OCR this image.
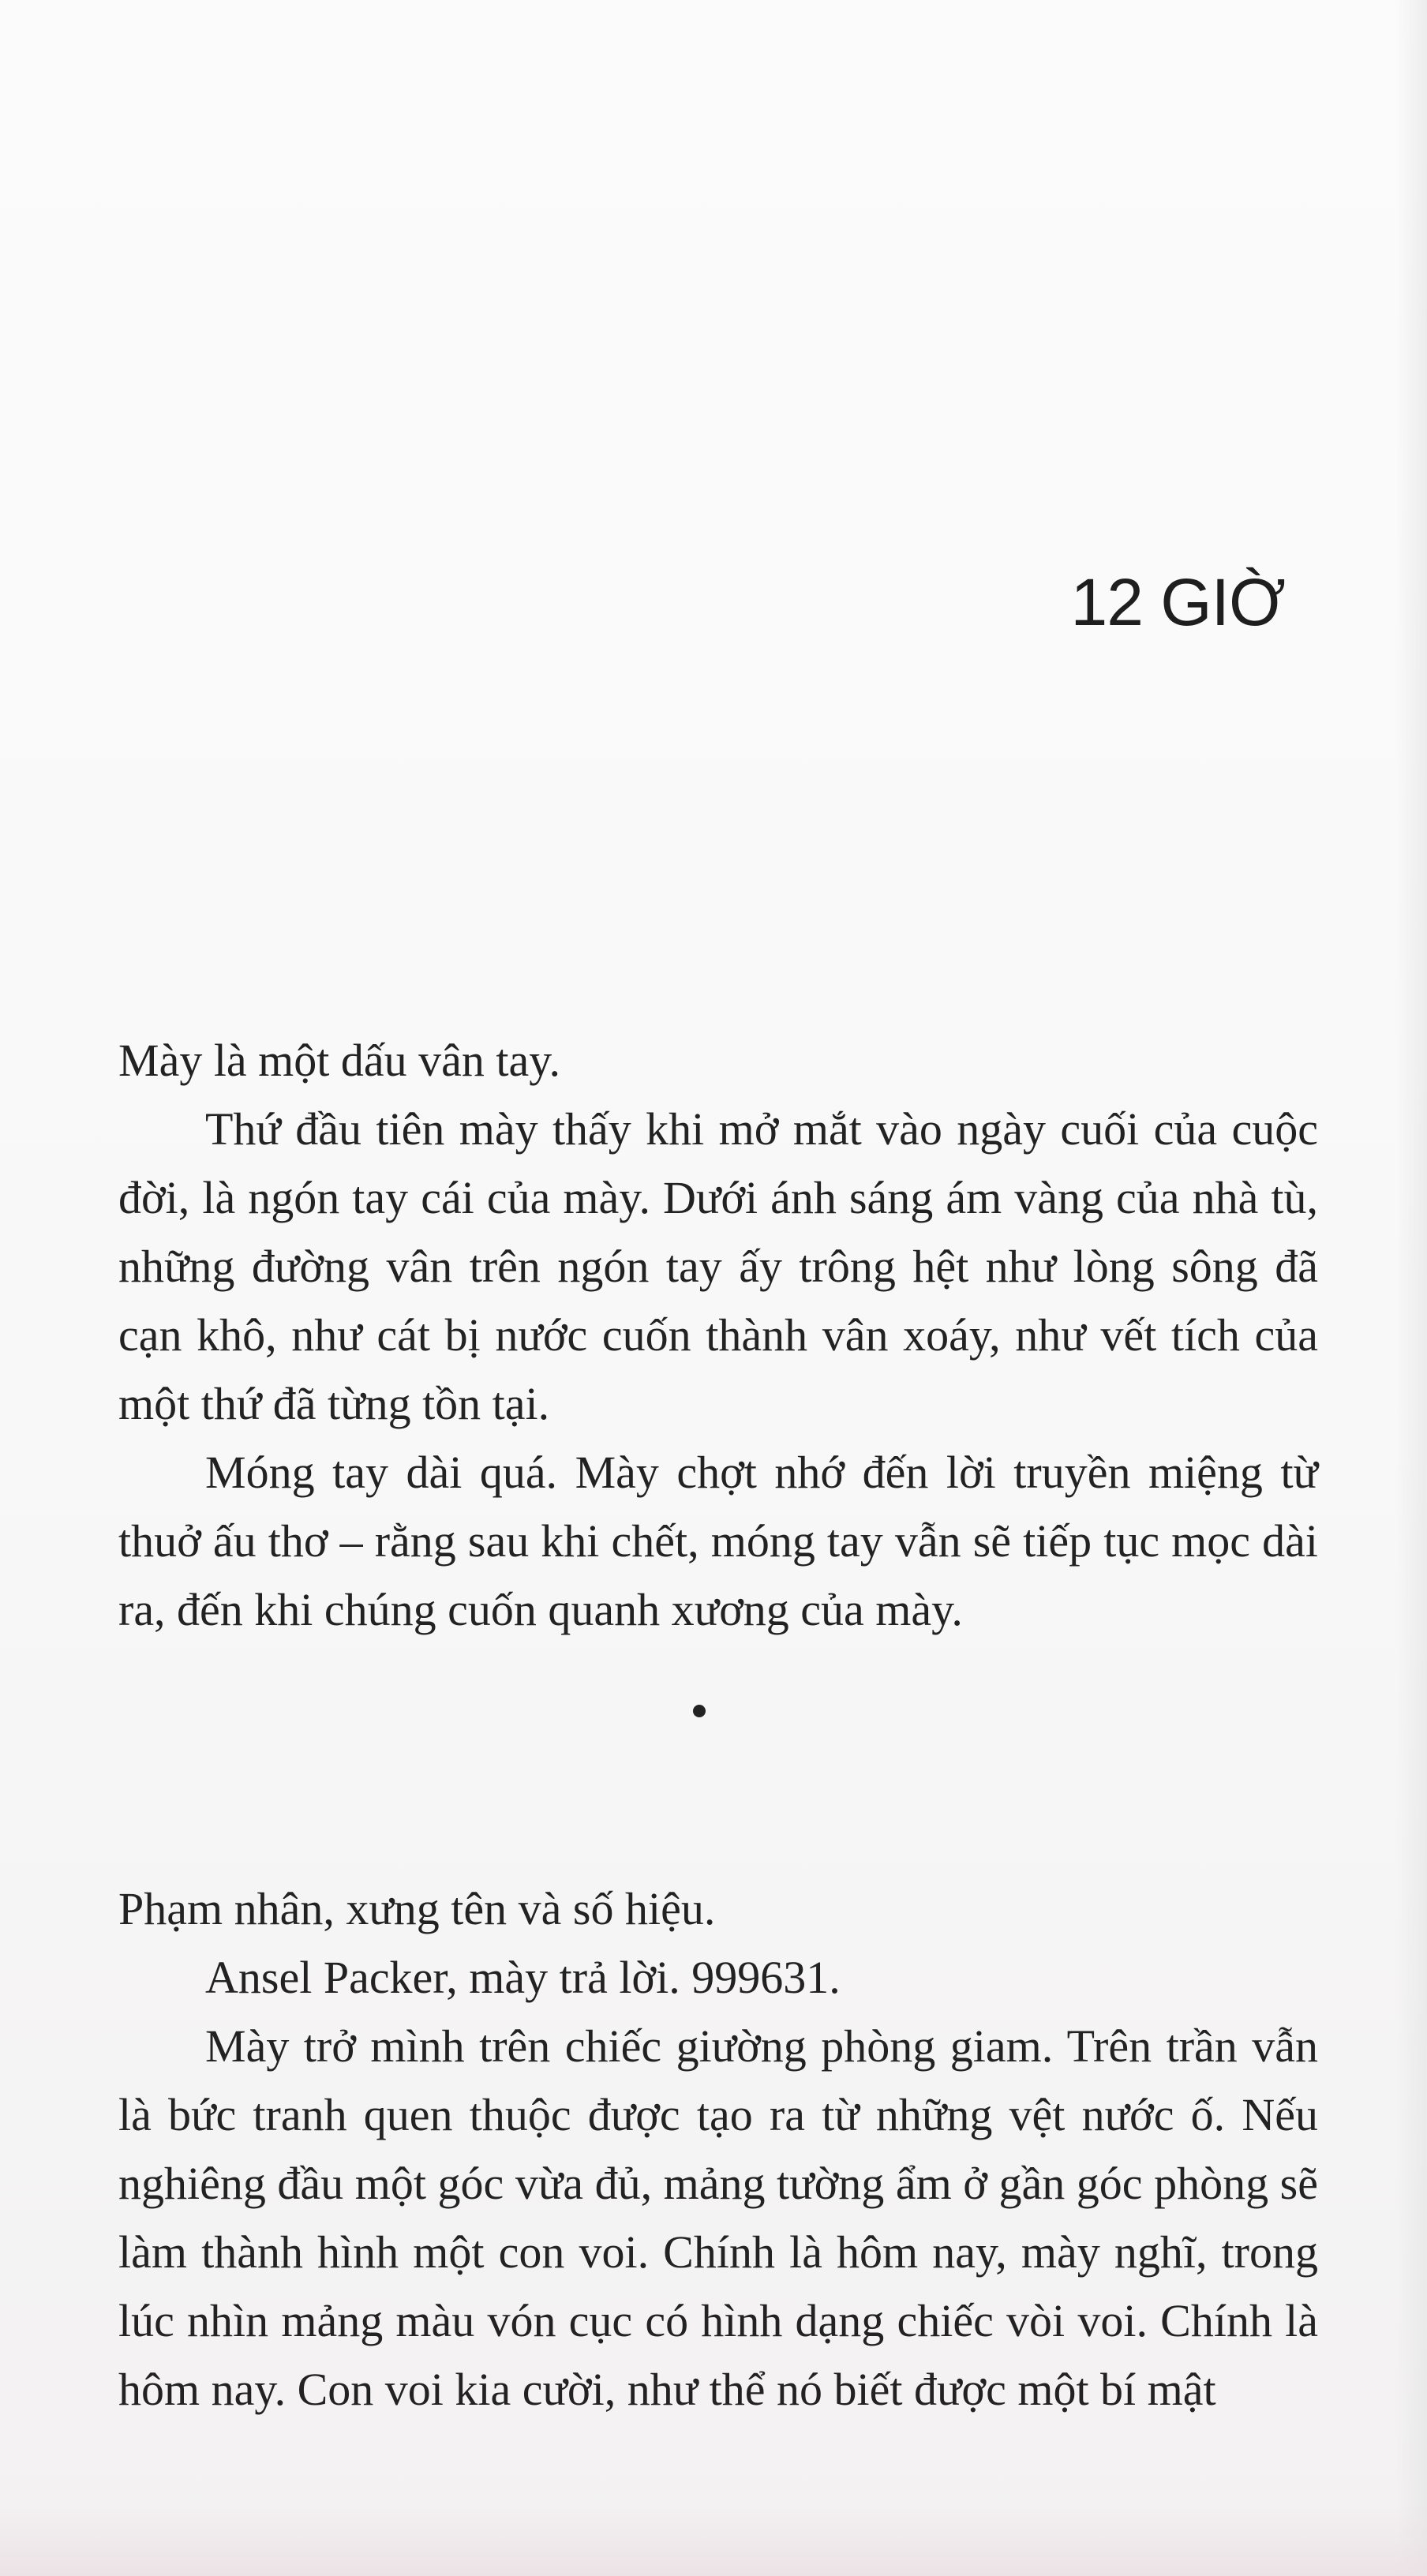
12 GIỜ

Mày là một dấu vân tay.

Thứ đầu tiên mày thấy khi mở mắt vào ngày cuối của cuộc đời, là ngón tay cái của mày. Dưới ánh sáng ám vàng của nhà tù, những đường vân trên ngón tay ấy trông hệt như lòng sông đã cạn khô, như cát bị nước cuốn thành vân xoáy, như vết tích của một thứ đã từng tồn tại.

Móng tay dài quá. Mày chợt nhớ đến lời truyền miệng từ thuở ấu thơ – rằng sau khi chết, móng tay vẫn sẽ tiếp tục mọc dài ra, đến khi chúng cuốn quanh xương của mày.

Phạm nhân, xưng tên và số hiệu.

Ansel Packer, mày trả lời. 999631.

Mày trở mình trên chiếc giường phòng giam. Trên trần vẫn là bức tranh quen thuộc được tạo ra từ những vệt nước ố. Nếu nghiêng đầu một góc vừa đủ, mảng tường ẩm ở gần góc phòng sẽ làm thành hình một con voi. Chính là hôm nay, mày nghĩ, trong lúc nhìn mảng màu vón cục có hình dạng chiếc vòi voi. Chính là hôm nay. Con voi kia cười, như thể nó biết được một bí mật
